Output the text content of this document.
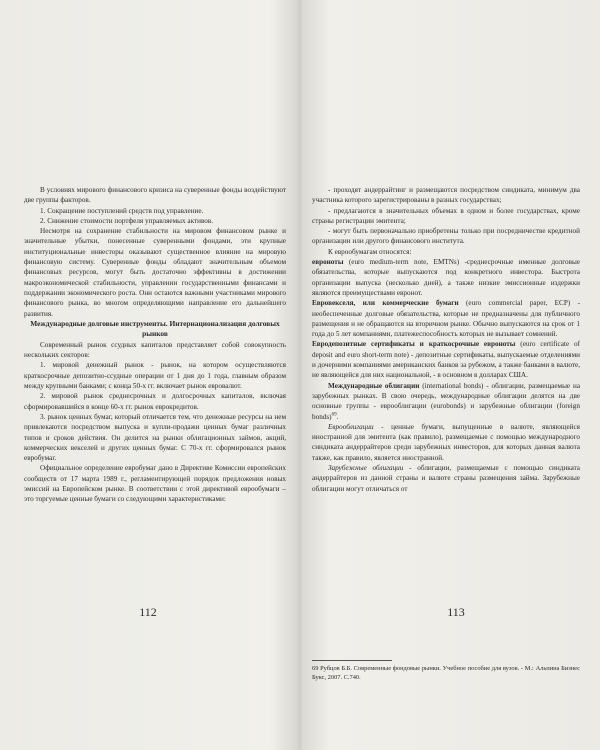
В условиях мирового финансового кризиса на суверенные фонды воздействуют две группы факторов.

1. Сокращение поступлений средств под управление.

2. Снижение стоимости портфеля управляемых активов.

Несмотря на сохранение стабильности на мировом финансовом рынке и значительные убытки, понесенные суверенными фондами, эти крупные институциональные инвесторы оказывают существенное влияние на мировую финансовую систему. Суверенные фонды обладают значительным объемом финансовых ресурсов, могут быть достаточно эффективны в достижении макроэкономической стабильности, управлении государственными финансами и поддержании экономического роста. Они остаются важными участниками мирового финансового рынка, во многом определяющими направление его дальнейшего развития.

Международные долговые инструменты. Интернационализация долговых рынков

Современный рынок ссудных капиталов представляет собой совокупность нескольких секторов:

1. мировой денежный рынок - рынок, на котором осуществляются краткосрочные депозитно-ссудные операции от 1 дня до 1 года, главным образом между крупными банками; с конца 50-х гг. включает рынок евровалют.

2. мировой рынок среднесрочных и долгосрочных капиталов, включая сформировавшийся в конце 60-х гг. рынок еврокредитов.

3. рынок ценных бумаг, который отличается тем, что денежные ресурсы на нем привлекаются посредством выпуска и купли-продажи ценных бумаг различных типов и сроков действия. Он делится на рынки облигационных займов, акций, коммерческих векселей и других ценных бумаг. С 70-х гг. сформировался рынок евробумаг.

Официальное определение евробумаг дано в Директиве Комиссии европейских сообществ от 17 марта 1989 г., регламентирующей порядок предложения новых эмиссий на Европейском рынке. В соответствии с этой директивой еврообумаги – это торгуемые ценные бумаги со следующими характеристиками:

112

- проходят андеррайтинг и размещаются посредством синдиката, минимум два участника которого зарегистрированы в разных государствах;

- предлагаются в значительных объемах в одном и более государствах, кроме страны регистрации эмитента;

- могут быть первоначально приобретены только при посредничестве кредитной организации или другого финансового института.

К еврообумагам относятся:

евроноты (euro medium-term note, EMTNs) -среднесрочные именные долговые обязательства, которые выпускаются под конкретного инвестора. Быстрота организации выпуска (несколько дней), а также низкие эмиссионные издержки являются преимуществами евронот.

Евровекселя, или коммерческие бумаги (euro commercial paper, ECP) - необеспеченные долговые обязательства, которые не предназначены для публичного размещения и не обращаются на вторичном рынке. Обычно выпускаются на срок от 1 года до 5 лет компаниями, платежеспособность которых не вызывает сомнений.

Евродепозитные сертификаты и краткосрочные евроноты (euro certificate of deposit and euro short-term note) - депозитные сертификаты, выпускаемые отделениями и дочерними компаниями американских банков за рубежом, а также банками в валюте, не являющейся для них национальной, - в основном в долларах США.

Международные облигации (international bonds) - облигации, размещаемые на зарубежных рынках. В свою очередь, международные облигации делятся на две основные группы - еврооблигации (eurobonds) и зарубежные облигации (foreign bonds)$^{69}$.

Еврооблигации - ценные бумаги, выпущенные в валюте, являющейся иностранной для эмитента (как правило), размещаемые с помощью международного синдиката андеррайтеров среди зарубежных инвесторов, для которых данная валюта также, как правило, является иностранной.

Зарубежные облигации - облигации, размещаемые с помощью синдиката андеррайтеров из данной страны и валюте страны размещения займа. Зарубежные облигации могут отличаться от

113
69 Рубцов Б.Б. Современные фондовые рынки. Учебное пособие для вузов. - М.: Альпина Бизнес Букс, 2007. С.740.
